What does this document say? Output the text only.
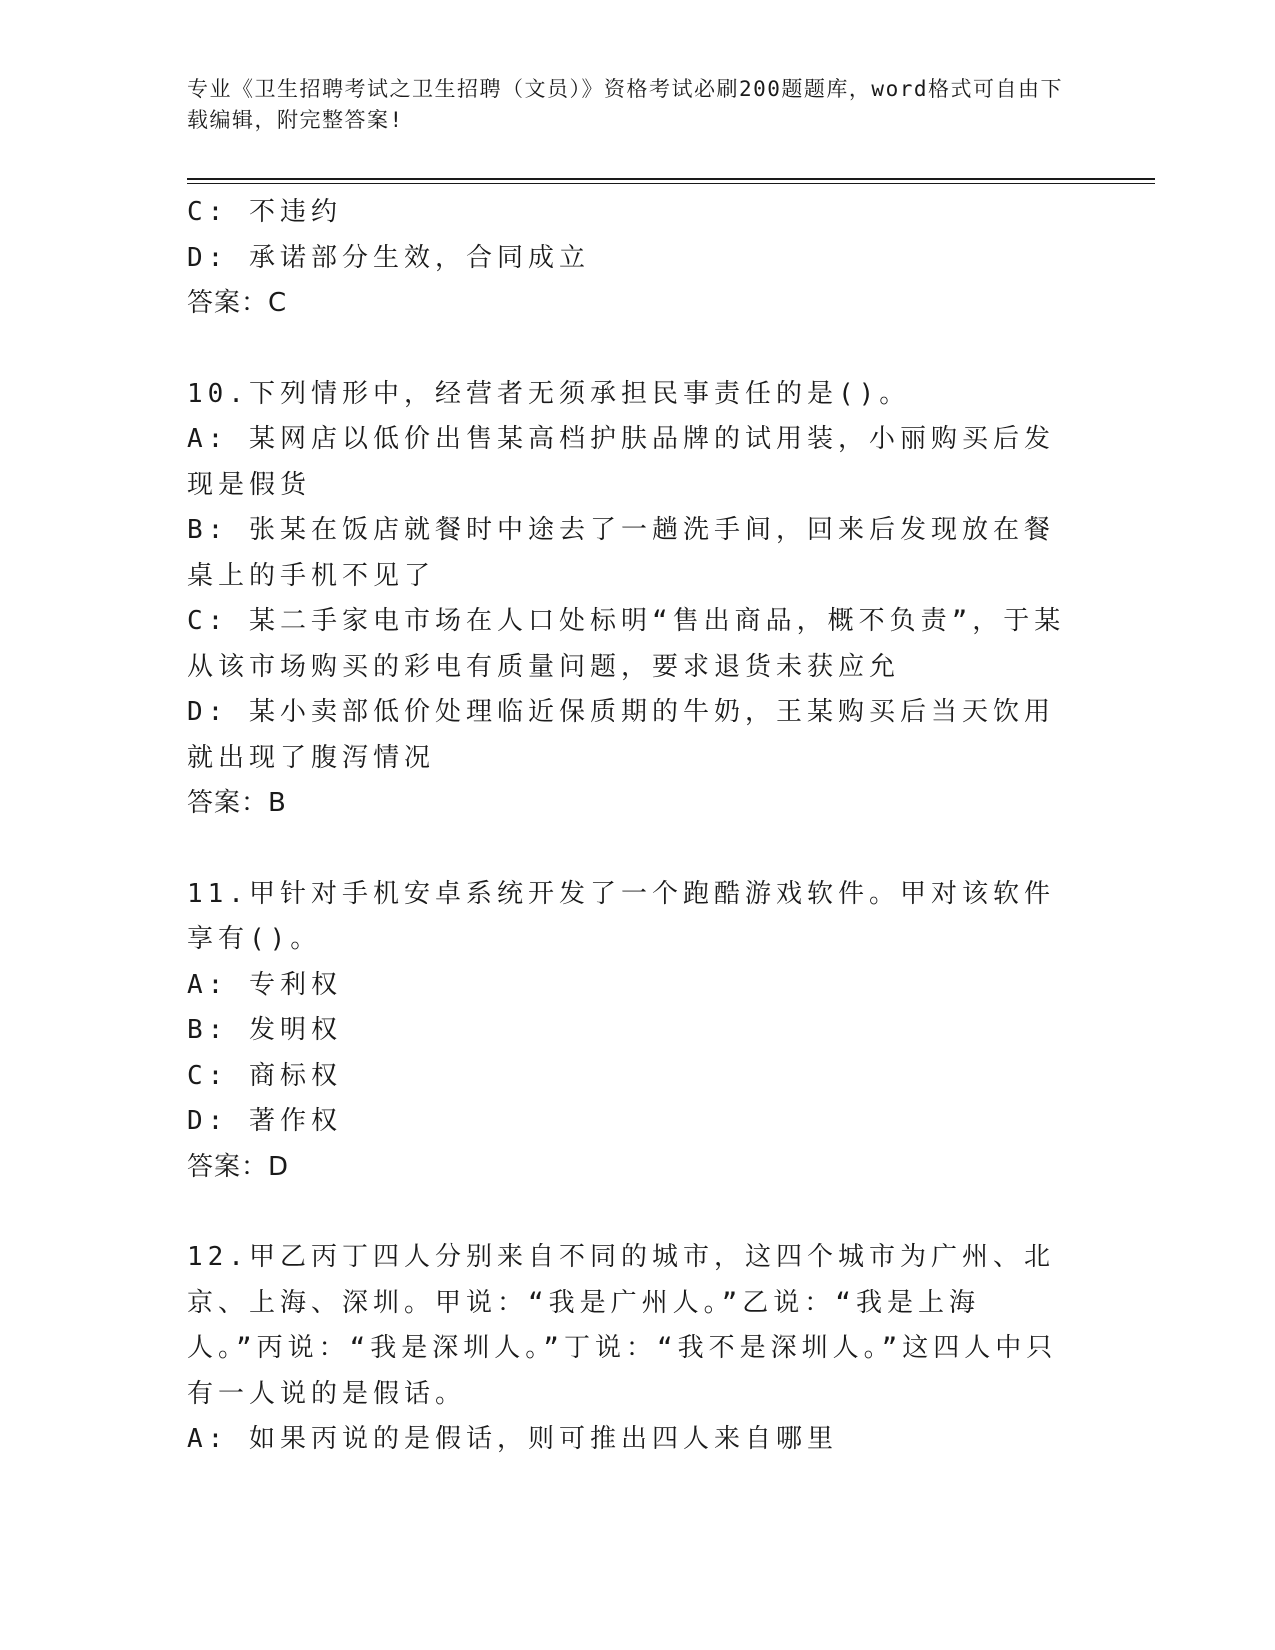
专业《卫生招聘考试之卫生招聘（文员）》资格考试必刷200题题库，word格式可自由下载编辑，附完整答案!
C: 不违约
D: 承诺部分生效，合同成立
答案：C
10.下列情形中，经营者无须承担民事责任的是()。
A: 某网店以低价出售某高档护肤品牌的试用装，小丽购买后发现是假货
B: 张某在饭店就餐时中途去了一趟洗手间，回来后发现放在餐桌上的手机不见了
C: 某二手家电市场在人口处标明“售出商品，概不负责”，于某从该市场购买的彩电有质量问题，要求退货未获应允
D: 某小卖部低价处理临近保质期的牛奶，王某购买后当天饮用就出现了腹泻情况
答案：B
11.甲针对手机安卓系统开发了一个跑酷游戏软件。甲对该软件享有()。
A: 专利权
B: 发明权
C: 商标权
D: 著作权
答案：D
12.甲乙丙丁四人分别来自不同的城市，这四个城市为广州、北京、上海、深圳。甲说：“我是广州人。”乙说：“我是上海人。”丙说：“我是深圳人。”丁说：“我不是深圳人。”这四人中只有一人说的是假话。
A: 如果丙说的是假话，则可推出四人来自哪里
